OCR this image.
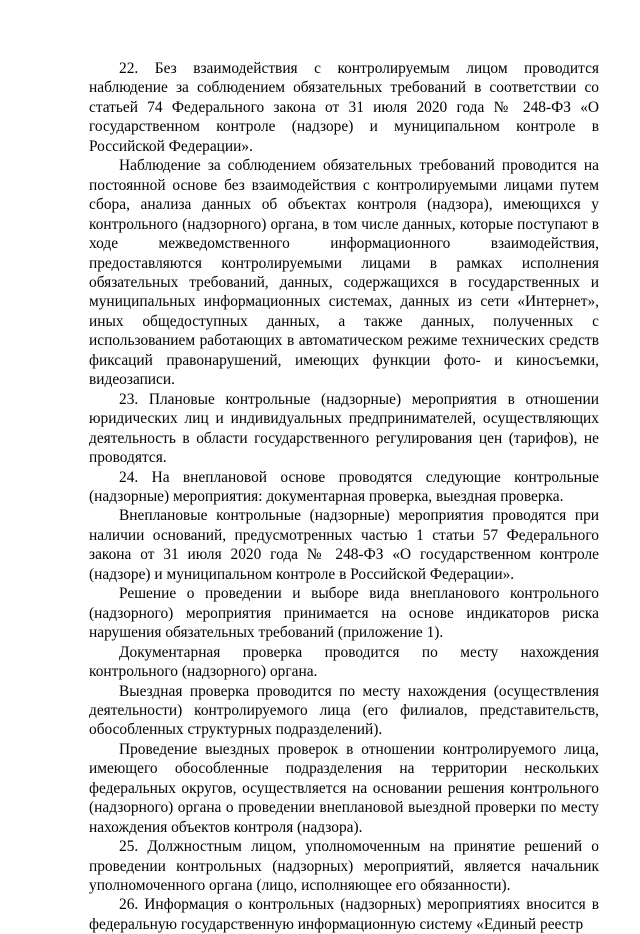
22. Без взаимодействия с контролируемым лицом проводится наблюдение за соблюдением обязательных требований в соответствии со статьей 74 Федерального закона от 31 июля 2020 года № 248-ФЗ «О государственном контроле (надзоре) и муниципальном контроле в Российской Федерации».

Наблюдение за соблюдением обязательных требований проводится на постоянной основе без взаимодействия с контролируемыми лицами путем сбора, анализа данных об объектах контроля (надзора), имеющихся у контрольного (надзорного) органа, в том числе данных, которые поступают в ходе межведомственного информационного взаимодействия, предоставляются контролируемыми лицами в рамках исполнения обязательных требований, данных, содержащихся в государственных и муниципальных информационных системах, данных из сети «Интернет», иных общедоступных данных, а также данных, полученных с использованием работающих в автоматическом режиме технических средств фиксаций правонарушений, имеющих функции фото- и киносъемки, видеозаписи.

23. Плановые контрольные (надзорные) мероприятия в отношении юридических лиц и индивидуальных предпринимателей, осуществляющих деятельность в области государственного регулирования цен (тарифов), не проводятся.

24. На внеплановой основе проводятся следующие контрольные (надзорные) мероприятия: документарная проверка, выездная проверка.

Внеплановые контрольные (надзорные) мероприятия проводятся при наличии оснований, предусмотренных частью 1 статьи 57 Федерального закона от 31 июля 2020 года № 248-ФЗ «О государственном контроле (надзоре) и муниципальном контроле в Российской Федерации».

Решение о проведении и выборе вида внепланового контрольного (надзорного) мероприятия принимается на основе индикаторов риска нарушения обязательных требований (приложение 1).

Документарная проверка проводится по месту нахождения контрольного (надзорного) органа.

Выездная проверка проводится по месту нахождения (осуществления деятельности) контролируемого лица (его филиалов, представительств, обособленных структурных подразделений).

Проведение выездных проверок в отношении контролируемого лица, имеющего обособленные подразделения на территории нескольких федеральных округов, осуществляется на основании решения контрольного (надзорного) органа о проведении внеплановой выездной проверки по месту нахождения объектов контроля (надзора).

25. Должностным лицом, уполномоченным на принятие решений о проведении контрольных (надзорных) мероприятий, является начальник уполномоченного органа (лицо, исполняющее его обязанности).

26. Информация о контрольных (надзорных) мероприятиях вносится в федеральную государственную информационную систему «Единый реестр
